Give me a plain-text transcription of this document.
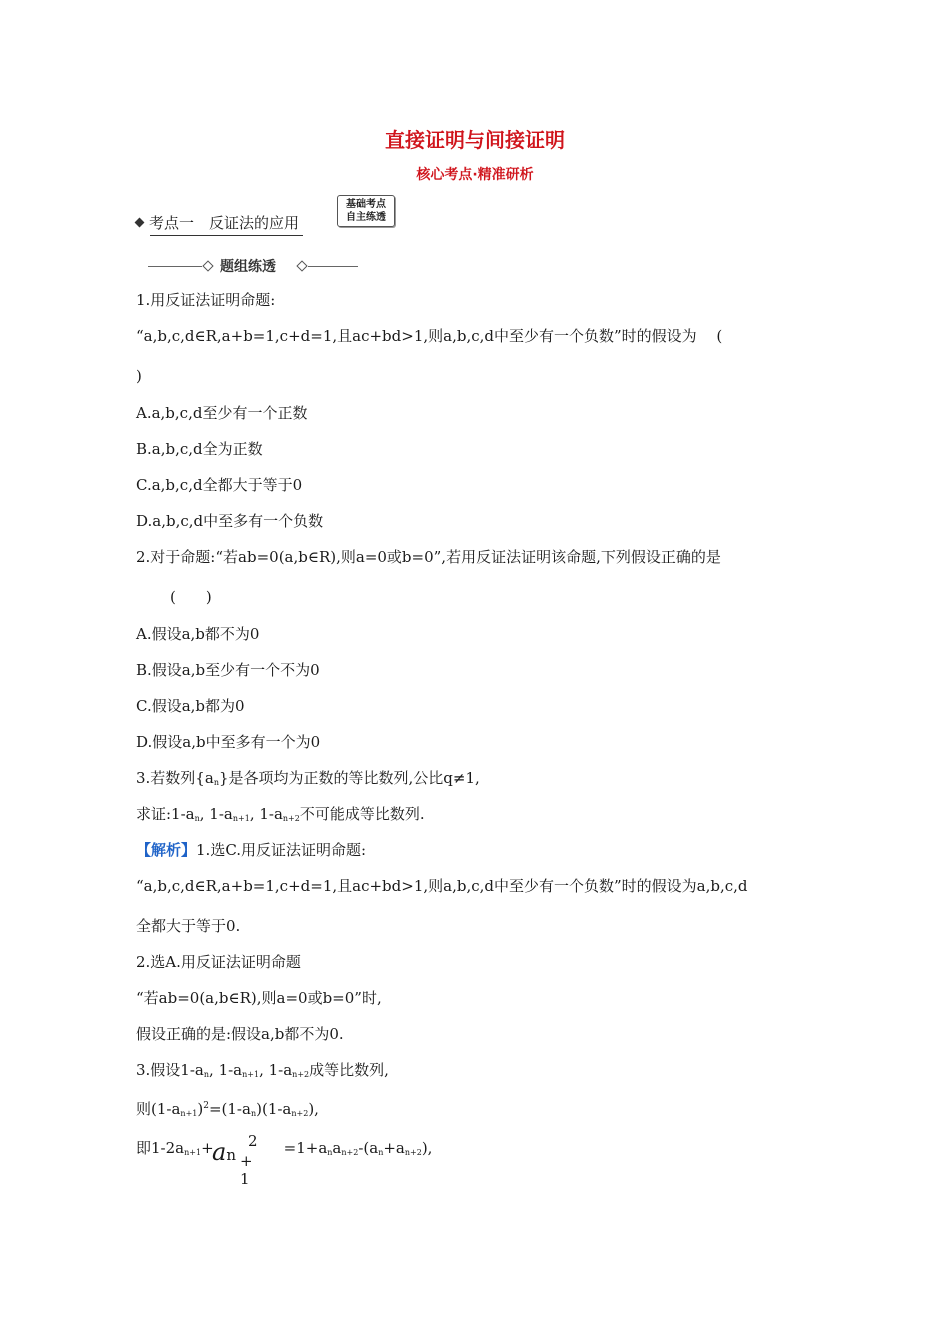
直接证明与间接证明
核心考点·精准研析
考点一　反证法的应用
基础考点
自主练透
题组练透
1.用反证法证明命题:
“a,b,c,d∈R,a+b=1,c+d=1,且ac+bd>1,则a,b,c,d中至少有一个负数”时的假设为　 (
)
A.a,b,c,d至少有一个正数
B.a,b,c,d全为正数
C.a,b,c,d全都大于等于0
D.a,b,c,d中至多有一个负数
2.对于命题:“若ab=0(a,b∈R),则a=0或b=0”,若用反证法证明该命题,下列假设正确的是
(　　)
A.假设a,b都不为0
B.假设a,b至少有一个不为0
C.假设a,b都为0
D.假设a,b中至多有一个为0
3.若数列$\{a_n\}$是各项均为正数的等比数列,公比q≠1,
求证$:1-a_n$, $1-a_{n+1}$, $1-a_{n+2}$不可能成等比数列.
【解析】1.选C.用反证法证明命题:
“a,b,c,d∈R,a+b=1,c+d=1,且ac+bd>1,则a,b,c,d中至少有一个负数”时的假设为a,b,c,d
全都大于等于0.
2.选A.用反证法证明命题
“若ab=0(a,b∈R),则a=0或b=0”时,
假设正确的是:假设a,b都不为0.
3.假设$1-a_n$, $1-a_{n+1}$, $1-a_{n+2}$成等比数列,
则$(1-a_{n+1})^2=(1-a_n)(1-a_{n+2})$,
即$1-2a_{n+1}+$	$=1+a_na_{n+2}-(a_n+a_{n+2})$,
an
2
+ 1
